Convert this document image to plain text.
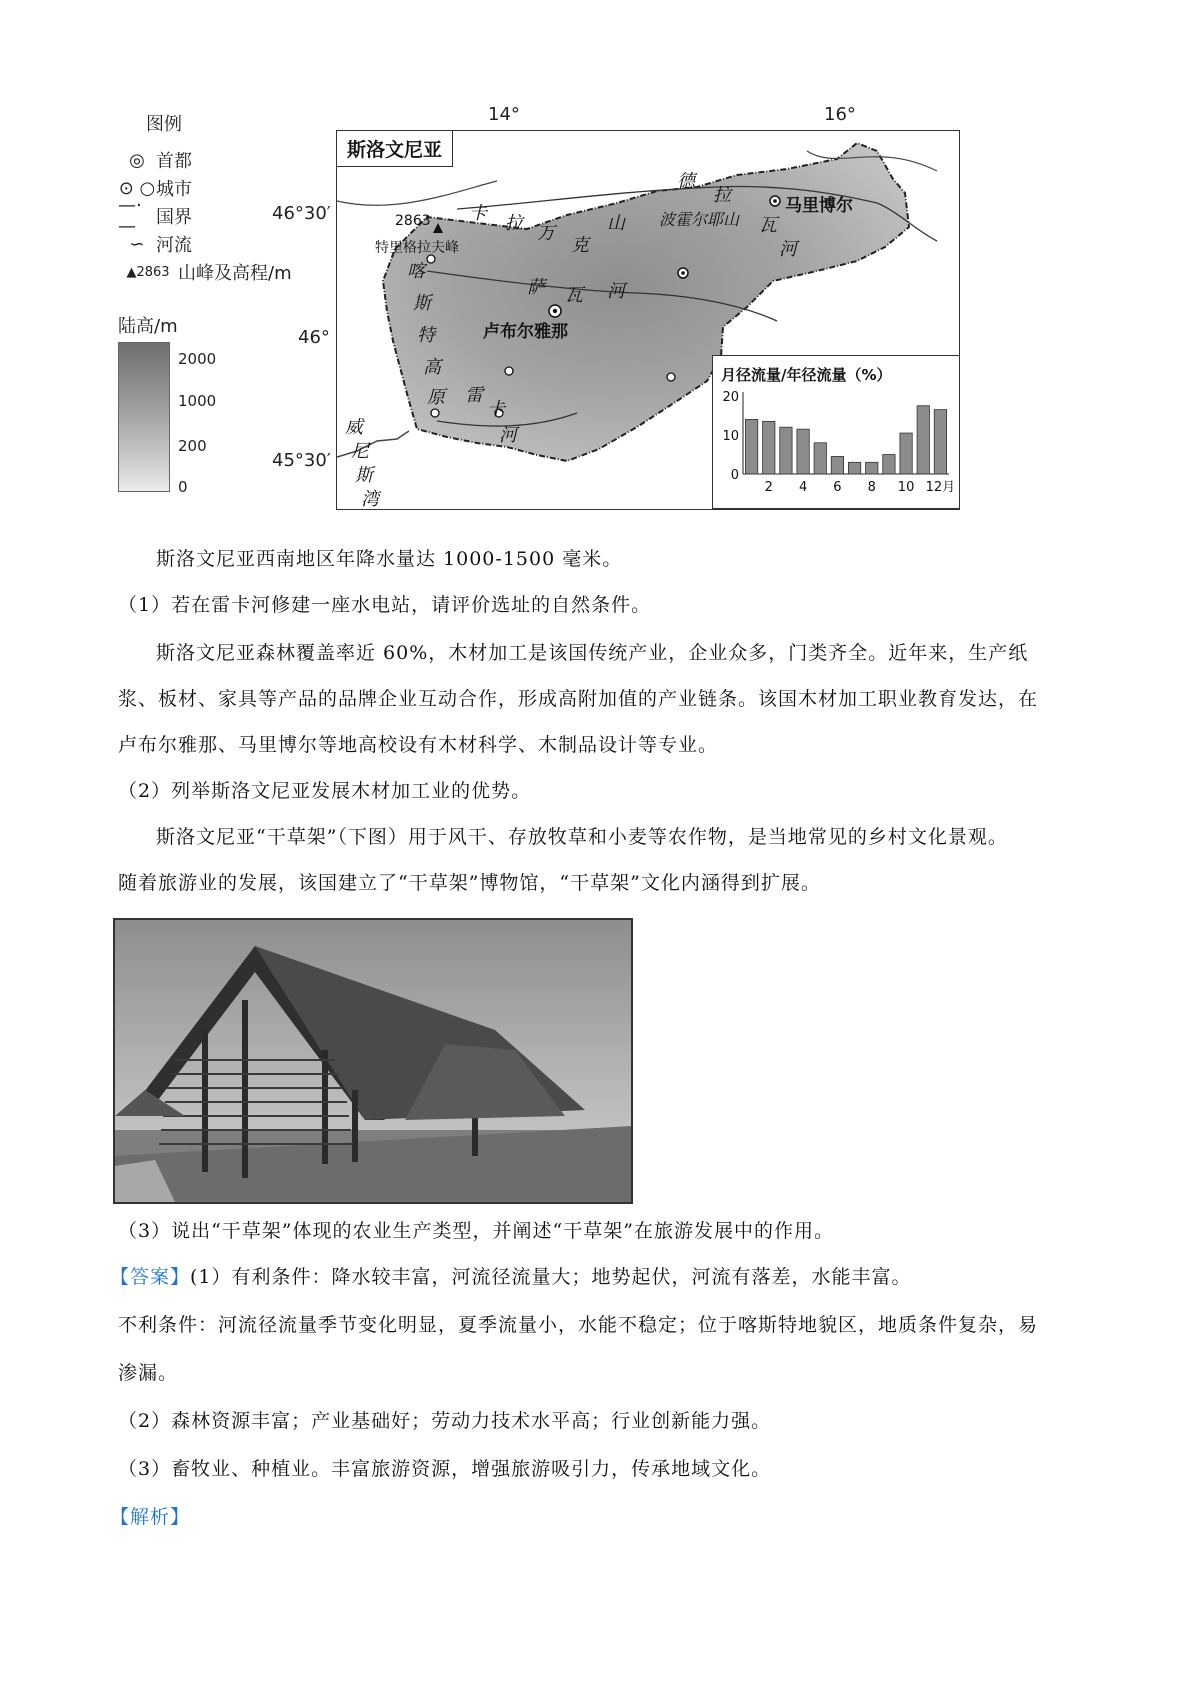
图例
◎ 首都
⊙ ○ 城市
—·—	国界
∽ 河流
▲2863 山峰及高程/m
陆高/m
2000
1000
200
0
14°	16°
46°30′
46°
45°30′
斯洛文尼亚
卡 拉 万
克
山
德
拉
瓦
河
波霍尔耶山
马里博尔
2863
特里格拉夫峰
喀
斯
特
高
原
萨 瓦 河
卢布尔雅那
雷
卡
河
威
尼
斯
湾
月径流量/年径流量（%）
20
10
0
2 4 6 8 10 12月
斯洛文尼亚西南地区年降水量达 1000-1500 毫米。
（1）若在雷卡河修建一座水电站，请评价选址的自然条件。
斯洛文尼亚森林覆盖率近 60%，木材加工是该国传统产业，企业众多，门类齐全。近年来，生产纸
浆、板材、家具等产品的品牌企业互动合作，形成高附加值的产业链条。该国木材加工职业教育发达，在
卢布尔雅那、马里博尔等地高校设有木材科学、木制品设计等专业。
（2）列举斯洛文尼亚发展木材加工业的优势。
斯洛文尼亚“干草架”（下图）用于风干、存放牧草和小麦等农作物，是当地常见的乡村文化景观。
随着旅游业的发展，该国建立了“干草架”博物馆，“干草架”文化内涵得到扩展。
（3）说出“干草架”体现的农业生产类型，并阐述“干草架”在旅游发展中的作用。
【答案】(1）有利条件：降水较丰富，河流径流量大；地势起伏，河流有落差，水能丰富。
不利条件：河流径流量季节变化明显，夏季流量小，水能不稳定；位于喀斯特地貌区，地质条件复杂，易
渗漏。
（2）森林资源丰富；产业基础好；劳动力技术水平高；行业创新能力强。
（3）畜牧业、种植业。丰富旅游资源，增强旅游吸引力，传承地域文化。
【解析】
